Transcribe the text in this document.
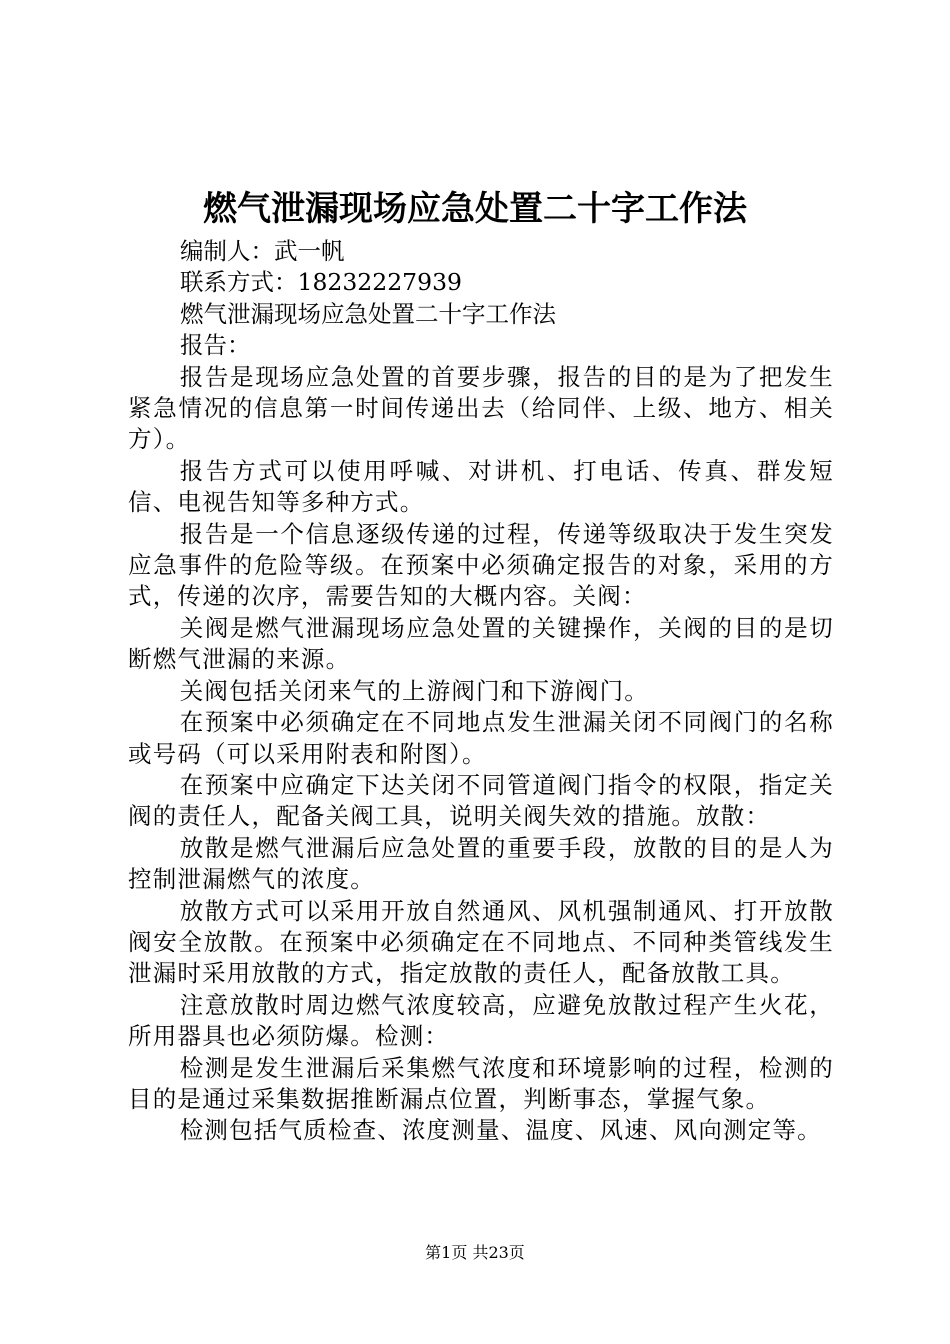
燃气泄漏现场应急处置二十字工作法

编制人：武一帆

联系方式：18232227939

燃气泄漏现场应急处置二十字工作法

报告：

报告是现场应急处置的首要步骤，报告的目的是为了把发生紧急情况的信息第一时间传递出去（给同伴、上级、地方、相关方）。

报告方式可以使用呼喊、对讲机、打电话、传真、群发短信、电视告知等多种方式。

报告是一个信息逐级传递的过程，传递等级取决于发生突发应急事件的危险等级。在预案中必须确定报告的对象，采用的方式，传递的次序，需要告知的大概内容。关阀：

关阀是燃气泄漏现场应急处置的关键操作，关阀的目的是切断燃气泄漏的来源。

关阀包括关闭来气的上游阀门和下游阀门。

在预案中必须确定在不同地点发生泄漏关闭不同阀门的名称或号码（可以采用附表和附图）。

在预案中应确定下达关闭不同管道阀门指令的权限，指定关阀的责任人，配备关阀工具，说明关阀失效的措施。放散：

放散是燃气泄漏后应急处置的重要手段，放散的目的是人为控制泄漏燃气的浓度。

放散方式可以采用开放自然通风、风机强制通风、打开放散阀安全放散。在预案中必须确定在不同地点、不同种类管线发生泄漏时采用放散的方式，指定放散的责任人，配备放散工具。

注意放散时周边燃气浓度较高，应避免放散过程产生火花，所用器具也必须防爆。检测：

检测是发生泄漏后采集燃气浓度和环境影响的过程，检测的目的是通过采集数据推断漏点位置，判断事态，掌握气象。

检测包括气质检查、浓度测量、温度、风速、风向测定等。

第1页 共23页
